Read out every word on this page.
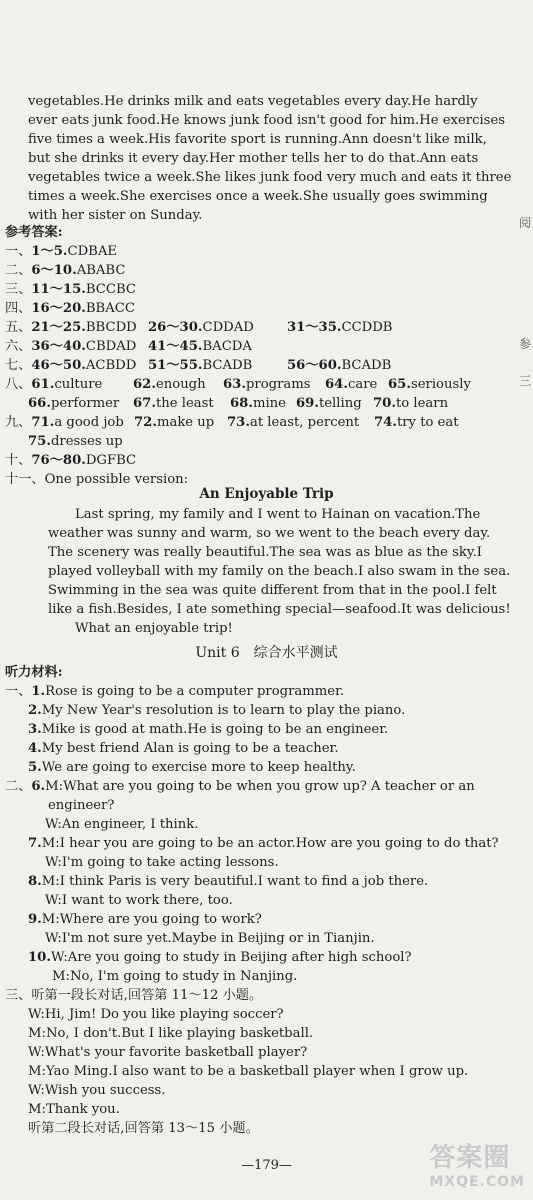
vegetables.He drinks milk and eats vegetables every day.He hardly
ever eats junk food.He knows junk food isn't good for him.He exercises
five times a week.His favorite sport is running.Ann doesn't like milk,
but she drinks it every day.Her mother tells her to do that.Ann eats
vegetables twice a week.She likes junk food very much and eats it three
times a week.She exercises once a week.She usually goes swimming
with her sister on Sunday.
参考答案:
一、1～5.CDBAE
二、6～10.ABABC
三、11～15.BCCBC
四、16～20.BBACC
五、21～25.BBCDD 26～30.CDDAD	31～35.CCDDB
六、36～40.CBDAD 41～45.BACDA
七、46～50.ACBDD 51～55.BCADB	56～60.BCADB
八、61.culture 62.enough 63.programs 64.care 65.seriously
66.performer 67.the least 68.mine 69.telling 70.to learn
九、71.a good job 72.make up 73.at least, percent 74.try to eat
75.dresses up
十、76～80.DGFBC
十一、One possible version:
An Enjoyable Trip
Last spring, my family and I went to Hainan on vacation.The
weather was sunny and warm, so we went to the beach every day.
The scenery was really beautiful.The sea was as blue as the sky.I
played volleyball with my family on the beach.I also swam in the sea.
Swimming in the sea was quite different from that in the pool.I felt
like a fish.Besides, I ate something special—seafood.It was delicious!
What an enjoyable trip!
Unit 6　综合水平测试
听力材料:
一、1.Rose is going to be a computer programmer.
2.My New Year's resolution is to learn to play the piano.
3.Mike is good at math.He is going to be an engineer.
4.My best friend Alan is going to be a teacher.
5.We are going to exercise more to keep healthy.
二、6.M:What are you going to be when you grow up? A teacher or an
engineer?
W:An engineer, I think.
7.M:I hear you are going to be an actor.How are you going to do that?
W:I'm going to take acting lessons.
8.M:I think Paris is very beautiful.I want to find a job there.
W:I want to work there, too.
9.M:Where are you going to work?
W:I'm not sure yet.Maybe in Beijing or in Tianjin.
10.W:Are you going to study in Beijing after high school?
M:No, I'm going to study in Nanjing.
三、听第一段长对话,回答第 11～12 小题。
W:Hi, Jim! Do you like playing soccer?
M:No, I don't.But I like playing basketball.
W:What's your favorite basketball player?
M:Yao Ming.I also want to be a basketball player when I grow up.
W:Wish you success.
M:Thank you.
听第二段长对话,回答第 13～15 小题。
—179—
阅
参
三
答案圈
MXQE.COM
